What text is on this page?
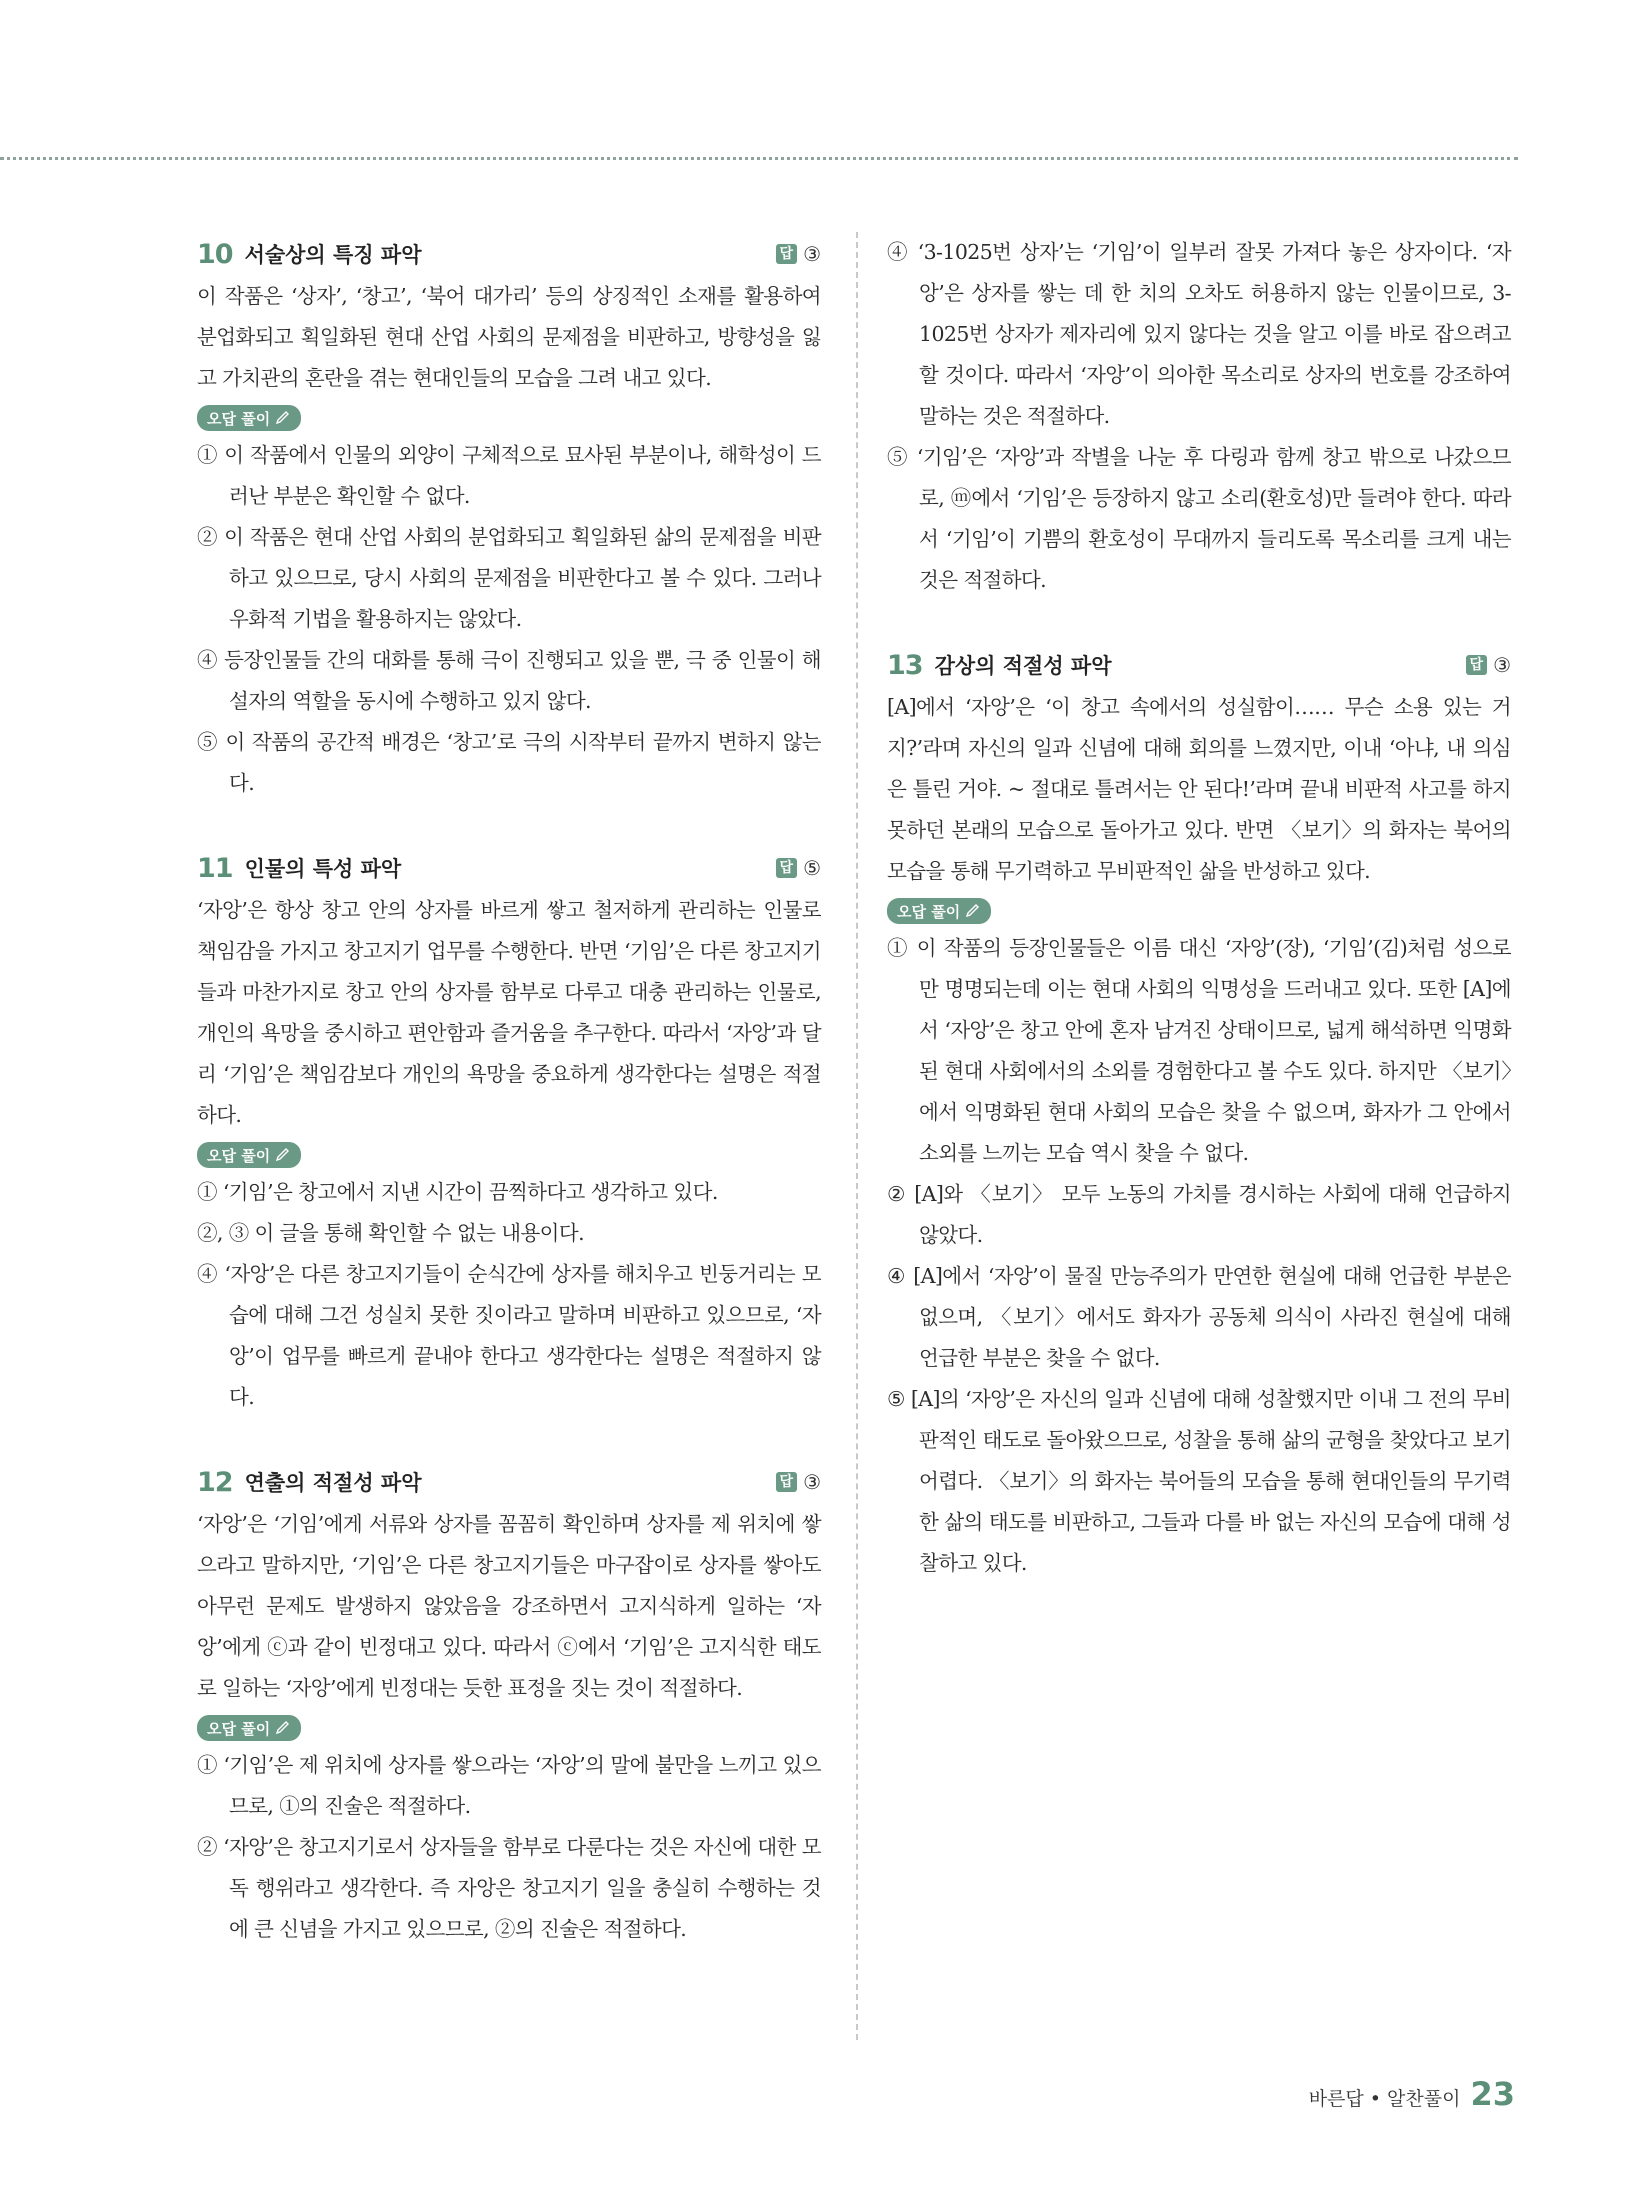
10 서술상의 특징 파악	답 ③

이 작품은 ‘상자’, ‘창고’, ‘북어 대가리’ 등의 상징적인 소재를 활용하여 분업화되고 획일화된 현대 산업 사회의 문제점을 비판하고, 방향성을 잃고 가치관의 혼란을 겪는 현대인들의 모습을 그려 내고 있다.

오답 풀이

① 이 작품에서 인물의 외양이 구체적으로 묘사된 부분이나, 해학성이 드러난 부분은 확인할 수 없다.

② 이 작품은 현대 산업 사회의 분업화되고 획일화된 삶의 문제점을 비판하고 있으므로, 당시 사회의 문제점을 비판한다고 볼 수 있다. 그러나 우화적 기법을 활용하지는 않았다.

④ 등장인물들 간의 대화를 통해 극이 진행되고 있을 뿐, 극 중 인물이 해설자의 역할을 동시에 수행하고 있지 않다.

⑤ 이 작품의 공간적 배경은 ‘창고’로 극의 시작부터 끝까지 변하지 않는다.

11 인물의 특성 파악	답 ⑤

‘자앙’은 항상 창고 안의 상자를 바르게 쌓고 철저하게 관리하는 인물로 책임감을 가지고 창고지기 업무를 수행한다. 반면 ‘기임’은 다른 창고지기들과 마찬가지로 창고 안의 상자를 함부로 다루고 대충 관리하는 인물로, 개인의 욕망을 중시하고 편안함과 즐거움을 추구한다. 따라서 ‘자앙’과 달리 ‘기임’은 책임감보다 개인의 욕망을 중요하게 생각한다는 설명은 적절하다.

오답 풀이

① ‘기임’은 창고에서 지낸 시간이 끔찍하다고 생각하고 있다.

②, ③ 이 글을 통해 확인할 수 없는 내용이다.

④ ‘자앙’은 다른 창고지기들이 순식간에 상자를 해치우고 빈둥거리는 모습에 대해 그건 성실치 못한 짓이라고 말하며 비판하고 있으므로, ‘자앙’이 업무를 빠르게 끝내야 한다고 생각한다는 설명은 적절하지 않다.

12 연출의 적절성 파악	답 ③

‘자앙’은 ‘기임’에게 서류와 상자를 꼼꼼히 확인하며 상자를 제 위치에 쌓으라고 말하지만, ‘기임’은 다른 창고지기들은 마구잡이로 상자를 쌓아도 아무런 문제도 발생하지 않았음을 강조하면서 고지식하게 일하는 ‘자앙’에게 ⓒ과 같이 빈정대고 있다. 따라서 ⓒ에서 ‘기임’은 고지식한 태도로 일하는 ‘자앙’에게 빈정대는 듯한 표정을 짓는 것이 적절하다.

오답 풀이

① ‘기임’은 제 위치에 상자를 쌓으라는 ‘자앙’의 말에 불만을 느끼고 있으므로, ①의 진술은 적절하다.

② ‘자앙’은 창고지기로서 상자들을 함부로 다룬다는 것은 자신에 대한 모독 행위라고 생각한다. 즉 자앙은 창고지기 일을 충실히 수행하는 것에 큰 신념을 가지고 있으므로, ②의 진술은 적절하다.

④ ‘3-1025번 상자’는 ‘기임’이 일부러 잘못 가져다 놓은 상자이다. ‘자앙’은 상자를 쌓는 데 한 치의 오차도 허용하지 않는 인물이므로, 3-1025번 상자가 제자리에 있지 않다는 것을 알고 이를 바로 잡으려고 할 것이다. 따라서 ‘자앙’이 의아한 목소리로 상자의 번호를 강조하여 말하는 것은 적절하다.

⑤ ‘기임’은 ‘자앙’과 작별을 나눈 후 다링과 함께 창고 밖으로 나갔으므로, ⓜ에서 ‘기임’은 등장하지 않고 소리(환호성)만 들려야 한다. 따라서 ‘기임’이 기쁨의 환호성이 무대까지 들리도록 목소리를 크게 내는 것은 적절하다.

13 감상의 적절성 파악	답 ③

[A]에서 ‘자앙’은 ‘이 창고 속에서의 성실함이…… 무슨 소용 있는 거지?’라며 자신의 일과 신념에 대해 회의를 느꼈지만, 이내 ‘아냐, 내 의심은 틀린 거야. ~ 절대로 틀려서는 안 된다!’라며 끝내 비판적 사고를 하지 못하던 본래의 모습으로 돌아가고 있다. 반면 〈보기〉의 화자는 북어의 모습을 통해 무기력하고 무비판적인 삶을 반성하고 있다.

오답 풀이

① 이 작품의 등장인물들은 이름 대신 ‘자앙’(장), ‘기임’(김)처럼 성으로만 명명되는데 이는 현대 사회의 익명성을 드러내고 있다. 또한 [A]에서 ‘자앙’은 창고 안에 혼자 남겨진 상태이므로, 넓게 해석하면 익명화된 현대 사회에서의 소외를 경험한다고 볼 수도 있다. 하지만 〈보기〉에서 익명화된 현대 사회의 모습은 찾을 수 없으며, 화자가 그 안에서 소외를 느끼는 모습 역시 찾을 수 없다.

② [A]와 〈보기〉 모두 노동의 가치를 경시하는 사회에 대해 언급하지 않았다.

④ [A]에서 ‘자앙’이 물질 만능주의가 만연한 현실에 대해 언급한 부분은 없으며, 〈보기〉에서도 화자가 공동체 의식이 사라진 현실에 대해 언급한 부분은 찾을 수 없다.

⑤ [A]의 ‘자앙’은 자신의 일과 신념에 대해 성찰했지만 이내 그 전의 무비판적인 태도로 돌아왔으므로, 성찰을 통해 삶의 균형을 찾았다고 보기 어렵다. 〈보기〉의 화자는 북어들의 모습을 통해 현대인들의 무기력한 삶의 태도를 비판하고, 그들과 다를 바 없는 자신의 모습에 대해 성찰하고 있다.

바른답 • 알찬풀이 23
